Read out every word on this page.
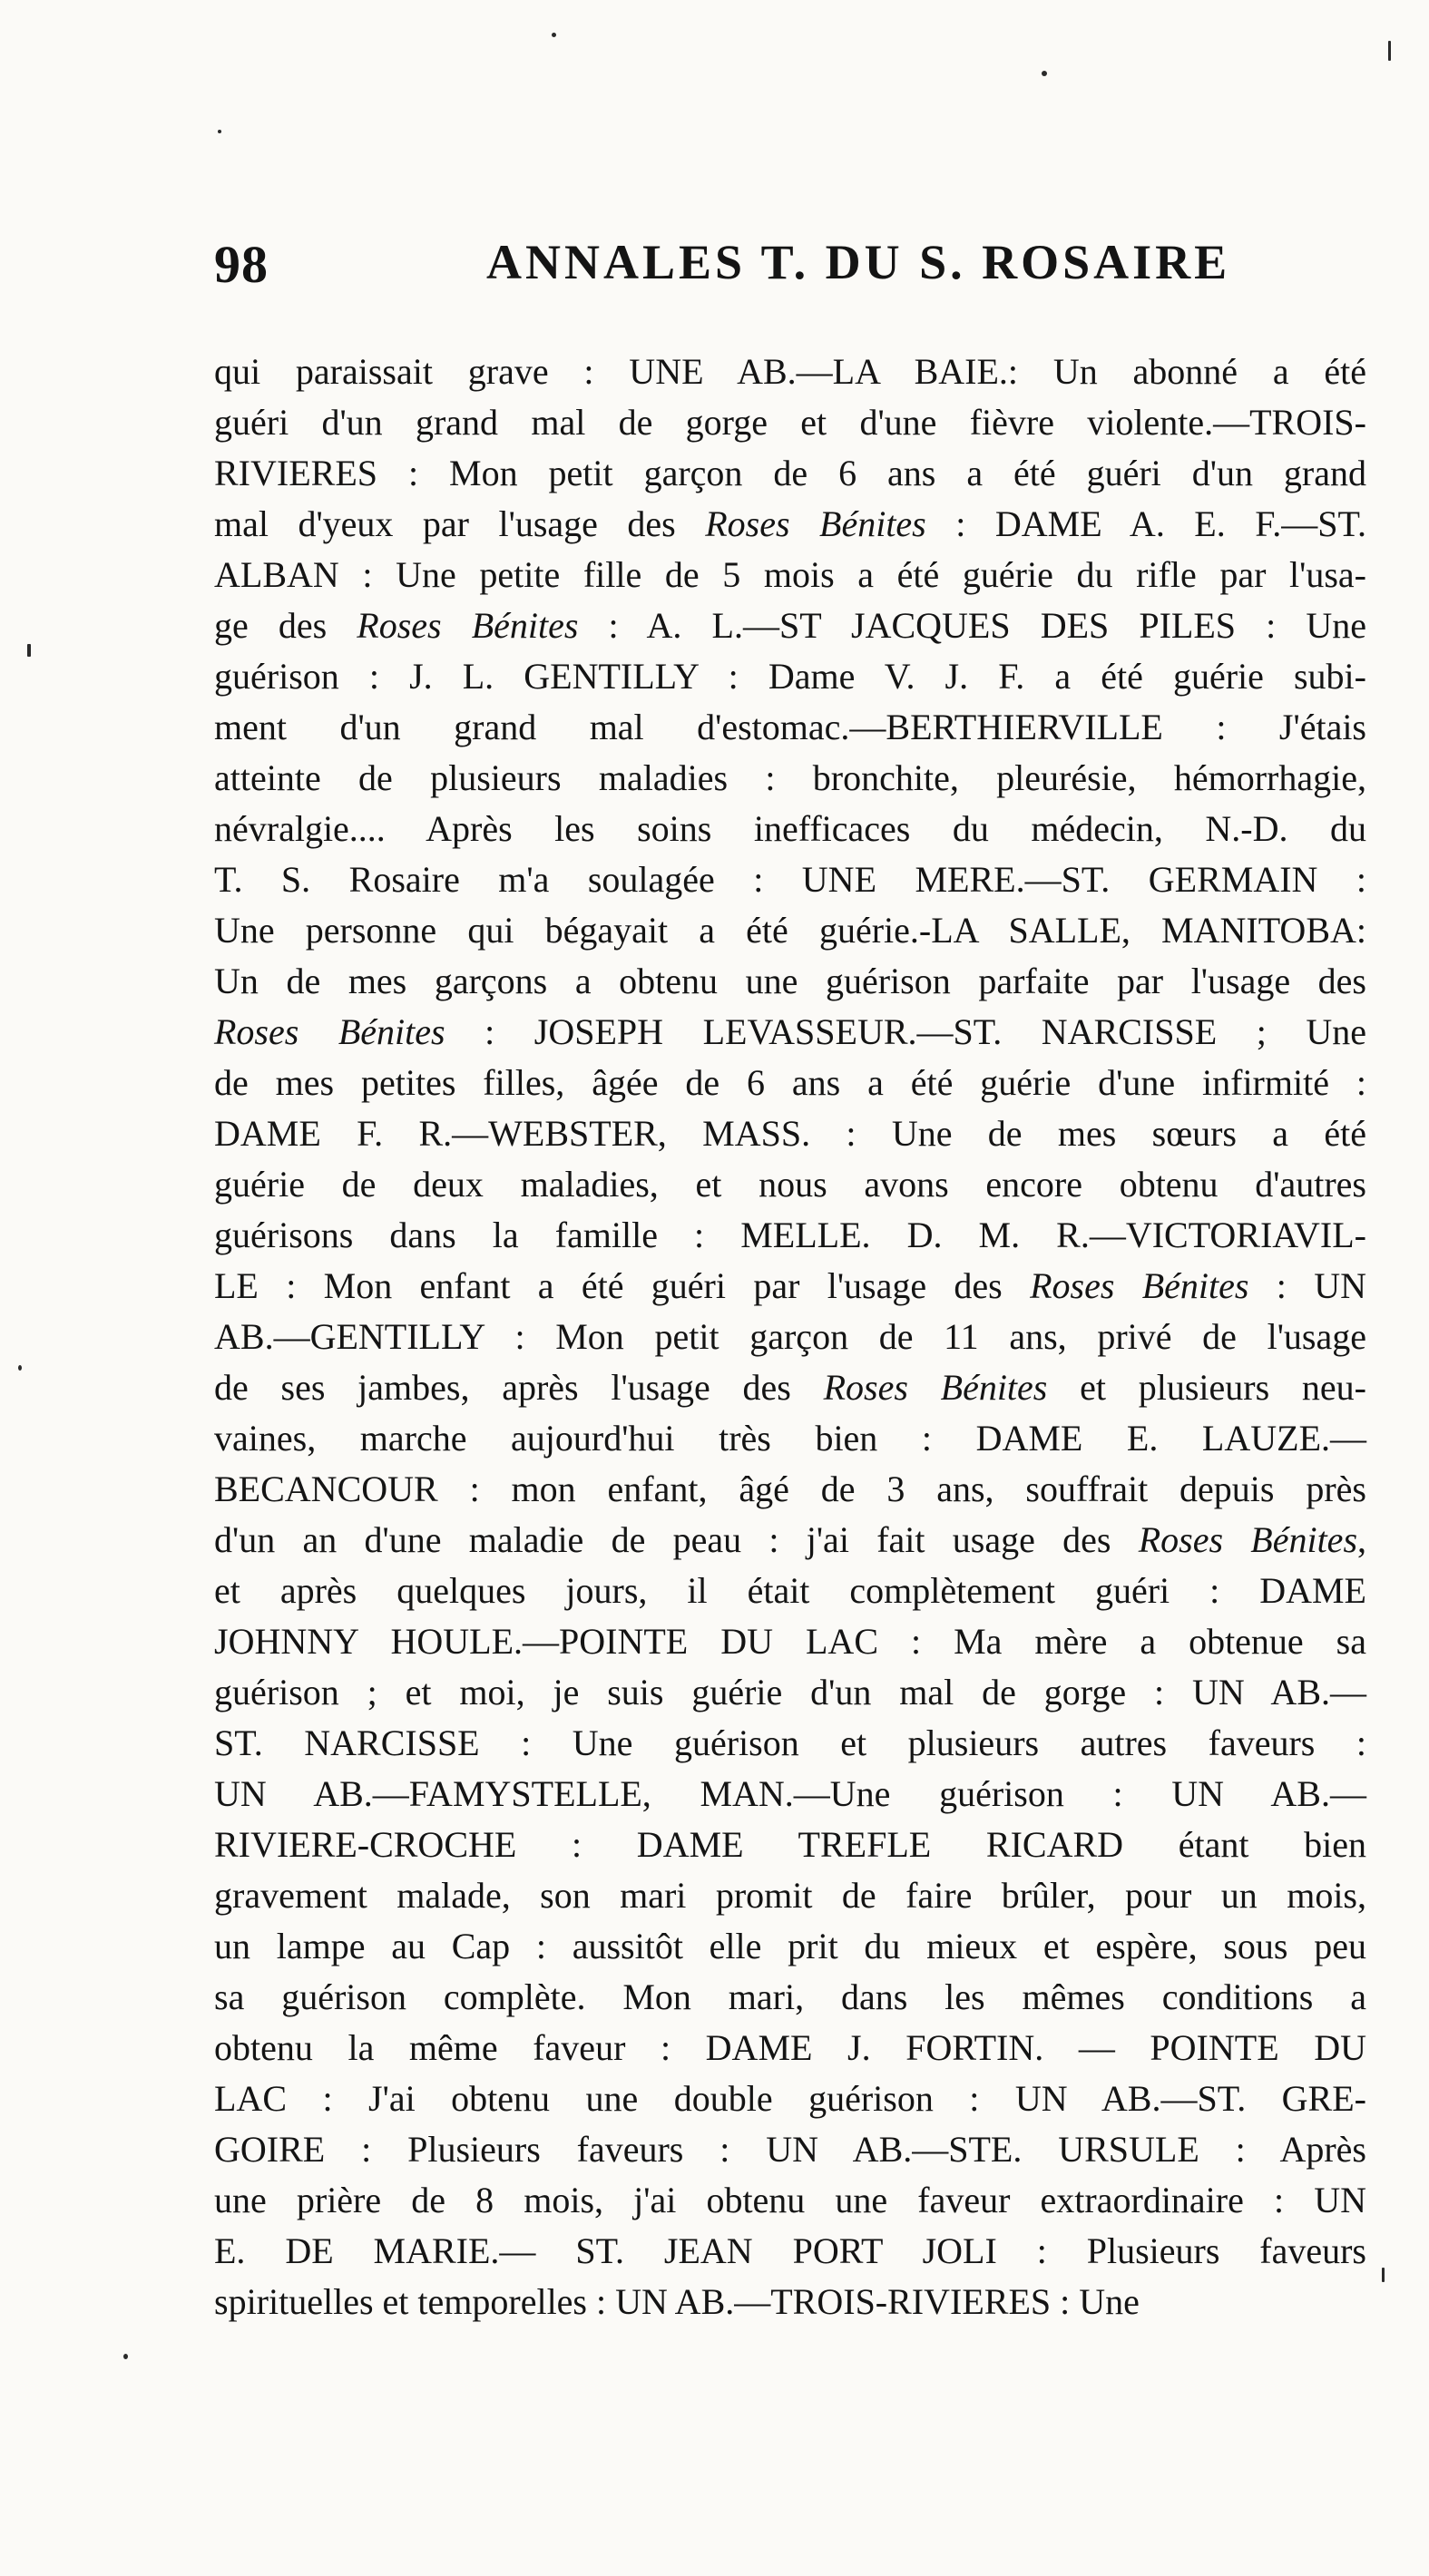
98	ANNALES T. DU S. ROSAIRE
qui paraissait grave : UNE AB.—LA BAIE.: Un abonné a été
guéri d'un grand mal de gorge et d'une fièvre violente.—TROIS-
RIVIERES : Mon petit garçon de 6 ans a été guéri d'un grand
mal d'yeux par l'usage des Roses Bénites : DAME A. E. F.—ST.
ALBAN : Une petite fille de 5 mois a été guérie du rifle par l'usa-
ge des Roses Bénites : A. L.—ST JACQUES DES PILES : Une
guérison : J. L. GENTILLY : Dame V. J. F. a été guérie subi-
ment d'un grand mal d'estomac.—BERTHIERVILLE : J'étais
atteinte de plusieurs maladies : bronchite, pleurésie, hémorrhagie,
névralgie.... Après les soins inefficaces du médecin, N.-D. du
T. S. Rosaire m'a soulagée : UNE MERE.—ST. GERMAIN :
Une personne qui bégayait a été guérie.-LA SALLE, MANITOBA:
Un de mes garçons a obtenu une guérison parfaite par l'usage des
Roses Bénites : JOSEPH LEVASSEUR.—ST. NARCISSE ; Une
de mes petites filles, âgée de 6 ans a été guérie d'une infirmité :
DAME F. R.—WEBSTER, MASS. : Une de mes sœurs a été
guérie de deux maladies, et nous avons encore obtenu d'autres
guérisons dans la famille : MELLE. D. M. R.—VICTORIAVIL-
LE : Mon enfant a été guéri par l'usage des Roses Bénites : UN
AB.—GENTILLY : Mon petit garçon de 11 ans, privé de l'usage
de ses jambes, après l'usage des Roses Bénites et plusieurs neu-
vaines, marche aujourd'hui très bien : DAME E. LAUZE.—
BECANCOUR : mon enfant, âgé de 3 ans, souffrait depuis près
d'un an d'une maladie de peau : j'ai fait usage des Roses Bénites,
et après quelques jours, il était complètement guéri : DAME
JOHNNY HOULE.—POINTE DU LAC : Ma mère a obtenue sa
guérison ; et moi, je suis guérie d'un mal de gorge : UN AB.—
ST. NARCISSE : Une guérison et plusieurs autres faveurs :
UN AB.—FAMYSTELLE, MAN.—Une guérison : UN AB.—
RIVIERE-CROCHE : DAME TREFLE RICARD étant bien
gravement malade, son mari promit de faire brûler, pour un mois,
un lampe au Cap : aussitôt elle prit du mieux et espère, sous peu
sa guérison complète. Mon mari, dans les mêmes conditions a
obtenu la même faveur : DAME J. FORTIN. — POINTE DU
LAC : J'ai obtenu une double guérison : UN AB.—ST. GRE-
GOIRE : Plusieurs faveurs : UN AB.—STE. URSULE : Après
une prière de 8 mois, j'ai obtenu une faveur extraordinaire : UN
E. DE MARIE.— ST. JEAN PORT JOLI : Plusieurs faveurs
spirituelles et temporelles : UN AB.—TROIS-RIVIERES : Une
